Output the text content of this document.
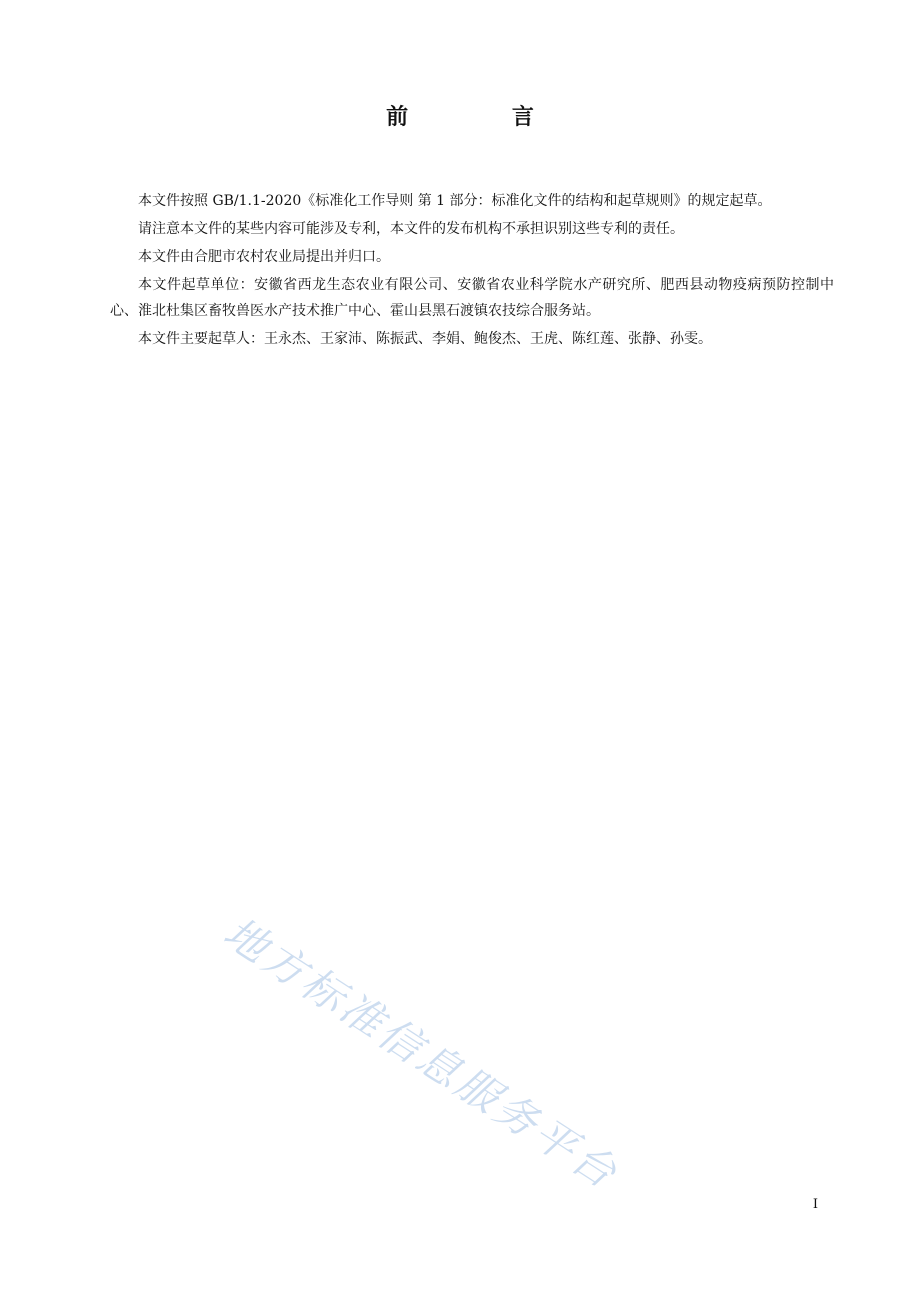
前 言

本文件按照 GB/1.1-2020《标准化工作导则 第 1 部分：标准化文件的结构和起草规则》的规定起草。

请注意本文件的某些内容可能涉及专利，本文件的发布机构不承担识别这些专利的责任。

本文件由合肥市农村农业局提出并归口。

本文件起草单位：安徽省西龙生态农业有限公司、安徽省农业科学院水产研究所、肥西县动物疫病预防控制中心、淮北杜集区畜牧兽医水产技术推广中心、霍山县黑石渡镇农技综合服务站。

本文件主要起草人：王永杰、王家沛、陈振武、李娟、鲍俊杰、王虎、陈红莲、张静、孙雯。

地方标准信息服务平台
I
